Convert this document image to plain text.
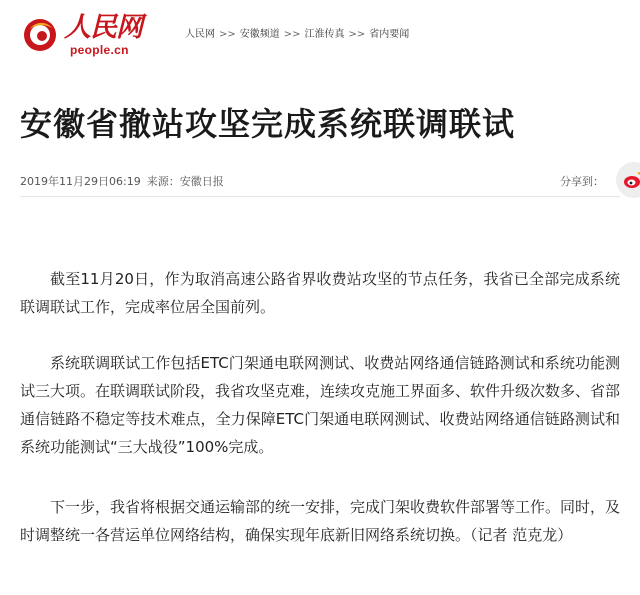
人民网
people.cn
人民网 >> 安徽频道 >> 江淮传真 >> 省内要闻
安徽省撤站攻坚完成系统联调联试
2019年11月29日06:19 来源：安徽日报	分享到：

截至11月20日，作为取消高速公路省界收费站攻坚的节点任务，我省已全部完成系统联调联试工作，完成率位居全国前列。

系统联调联试工作包括ETC门架通电联网测试、收费站网络通信链路测试和系统功能测试三大项。在联调联试阶段，我省攻坚克难，连续攻克施工界面多、软件升级次数多、省部通信链路不稳定等技术难点，全力保障ETC门架通电联网测试、收费站网络通信链路测试和系统功能测试“三大战役”100%完成。

下一步，我省将根据交通运输部的统一安排，完成门架收费软件部署等工作。同时，及时调整统一各营运单位网络结构，确保实现年底新旧网络系统切换。（记者 范克龙）
